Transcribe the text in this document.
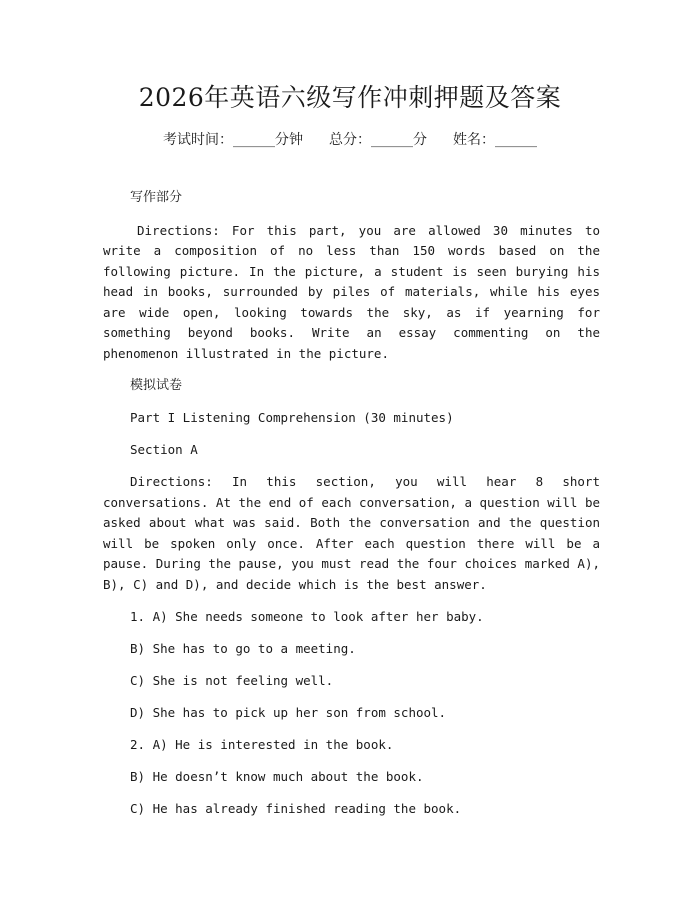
2026年英语六级写作冲刺押题及答案
考试时间：______分钟 总分：______分 姓名：______

写作部分

Directions: For this part, you are allowed 30 minutes to write a composition of no less than 150 words based on the following picture. In the picture, a student is seen burying his head in books, surrounded by piles of materials, while his eyes are wide open, looking towards the sky, as if yearning for something beyond books. Write an essay commenting on the phenomenon illustrated in the picture.

模拟试卷

Part I Listening Comprehension (30 minutes)

Section A

Directions: In this section, you will hear 8 short conversations. At the end of each conversation, a question will be asked about what was said. Both the conversation and the question will be spoken only once. After each question there will be a pause. During the pause, you must read the four choices marked A), B), C) and D), and decide which is the best answer.

1. A) She needs someone to look after her baby.

B) She has to go to a meeting.

C) She is not feeling well.

D) She has to pick up her son from school.

2. A) He is interested in the book.

B) He doesn’t know much about the book.

C) He has already finished reading the book.
